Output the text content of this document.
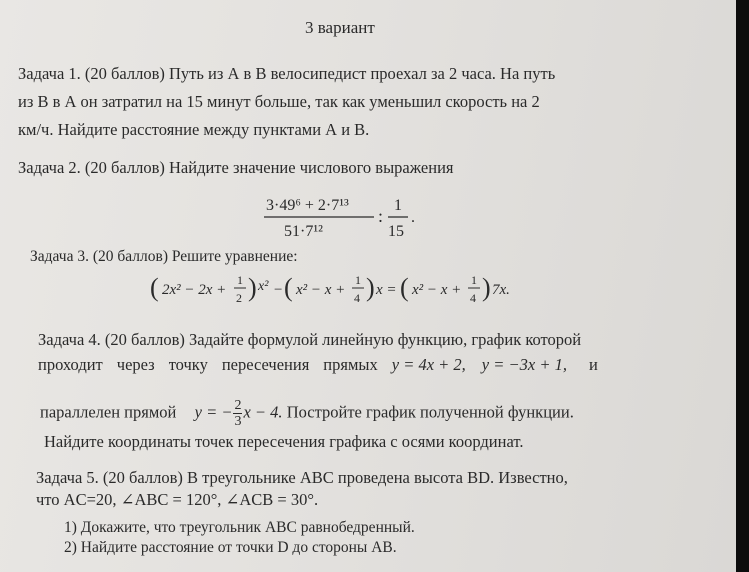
3 вариант
Задача 1. (20 баллов) Путь из А в В велосипедист проехал за 2 часа. На путь
из В в А он затратил на 15 минут больше, так как уменьшил скорость на 2
км/ч. Найдите расстояние между пунктами А и В.
Задача 2. (20 баллов) Найдите значение числового выражения
3·49⁶ + 2·7¹³
51·7¹²
:
1
15
.
Задача 3. (20 баллов) Решите уравнение:
( 2x² − 2x +
1
2 ) x² − ( x² − x +
1
4 ) x = ( x² − x +
1
4 ) 7x.
Задача 4. (20 баллов) Задайте формулой линейную функцию, график которой
проходит через точку пересечения прямых y = 4x + 2, y = −3x + 1, и
параллелен прямой y = − $\frac{2}{3}$ x − 4. Постройте график полученной функции.
Найдите координаты точек пересечения графика с осями координат.
Задача 5. (20 баллов) В треугольнике ABC проведена высота BD. Известно,
что AC=20, ∠ABC = 120°, ∠ACB = 30°.
1) Докажите, что треугольник ABC равнобедренный.
2) Найдите расстояние от точки D до стороны AB.
